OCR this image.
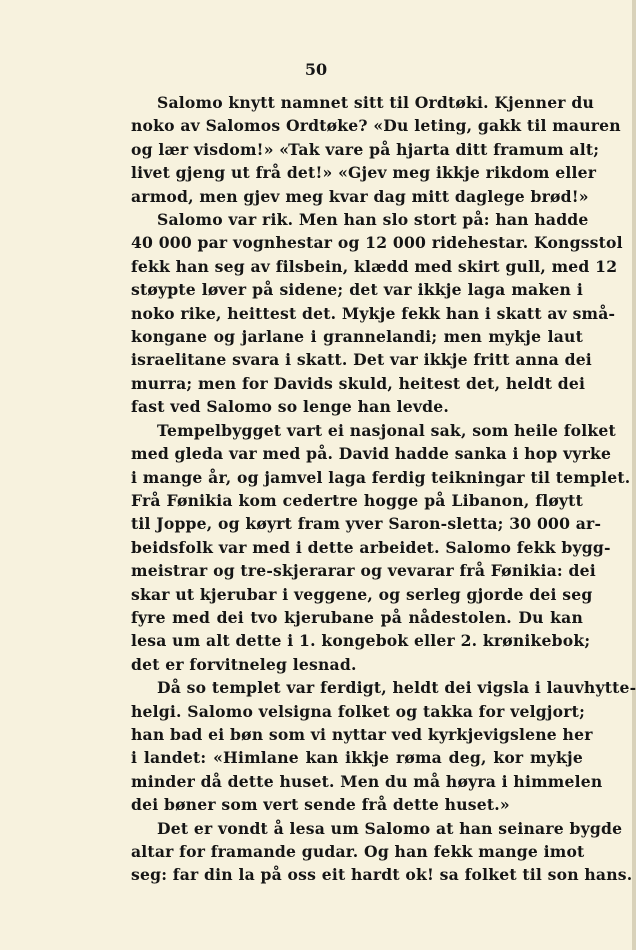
50

Salomo knytt namnet sitt til Ordtøki. Kjenner du
noko av Salomos Ordtøke? «Du leting, gakk til mauren
og lær visdom!» «Tak vare på hjarta ditt framum alt;
livet gjeng ut frå det!» «Gjev meg ikkje rikdom eller
armod, men gjev meg kvar dag mitt daglege brød!»

Salomo var rik. Men han slo stort på: han hadde
40 000 par vognhestar og 12 000 ridehestar. Kongsstol
fekk han seg av filsbein, klædd med skirt gull, med 12
støypte løver på sidene; det var ikkje laga maken i
noko rike, heittest det. Mykje fekk han i skatt av små-
kongane og jarlane i grannelandi; men mykje laut
israelitane svara i skatt. Det var ikkje fritt anna dei
murra; men for Davids skuld, heitest det, heldt dei
fast ved Salomo so lenge han levde.

Tempelbygget vart ei nasjonal sak, som heile folket
med gleda var med på. David hadde sanka i hop vyrke
i mange år, og jamvel laga ferdig teikningar til templet.
Frå Fønikia kom cedertre hogge på Libanon, fløytt
til Joppe, og køyrt fram yver Saron-sletta; 30 000 ar-
beidsfolk var med i dette arbeidet. Salomo fekk bygg-
meistrar og tre-skjerarar og vevarar frå Fønikia: dei
skar ut kjerubar i veggene, og serleg gjorde dei seg
fyre med dei tvo kjerubane på nådestolen. Du kan
lesa um alt dette i 1. kongebok eller 2. krønikebok;
det er forvitneleg lesnad.

Då so templet var ferdigt, heldt dei vigsla i lauvhytte-
helgi. Salomo velsigna folket og takka for velgjort;
han bad ei bøn som vi nyttar ved kyrkjevigslene her
i landet: «Himlane kan ikkje røma deg, kor mykje
minder då dette huset. Men du må høyra i himmelen
dei bøner som vert sende frå dette huset.»

Det er vondt å lesa um Salomo at han seinare bygde
altar for framande gudar. Og han fekk mange imot
seg: far din la på oss eit hardt ok! sa folket til son hans.
